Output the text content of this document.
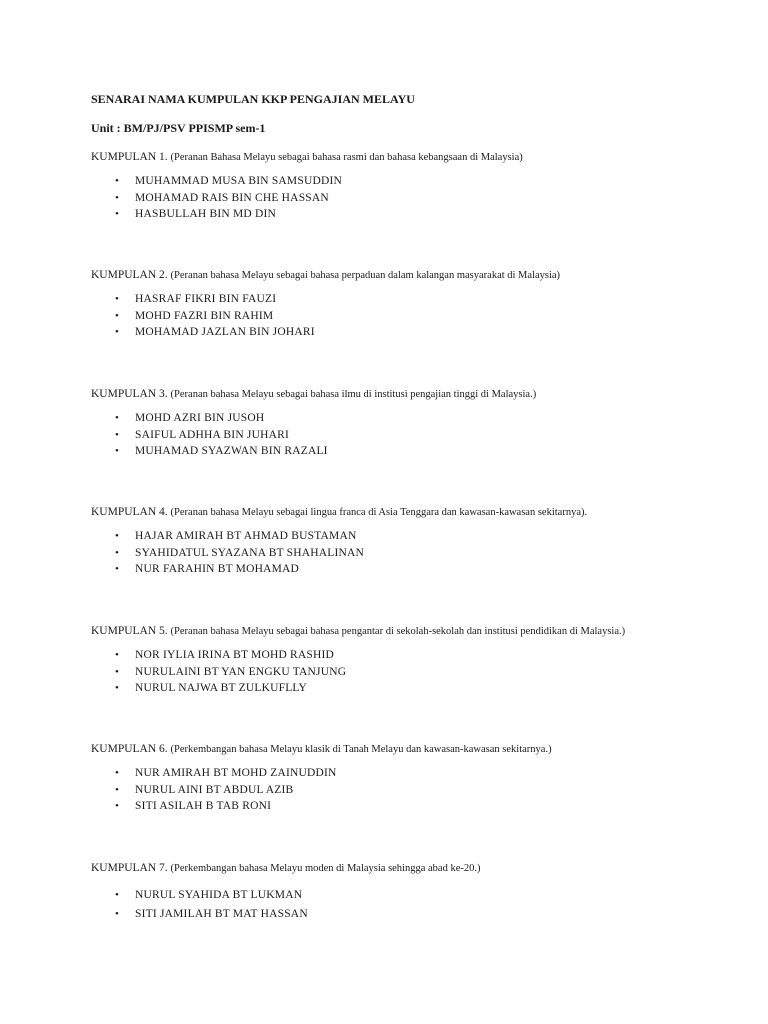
SENARAI NAMA KUMPULAN KKP PENGAJIAN MELAYU
Unit : BM/PJ/PSV PPISMP sem-1
KUMPULAN 1. (Peranan Bahasa Melayu sebagai bahasa rasmi dan bahasa kebangsaan di Malaysia)
• MUHAMMAD MUSA BIN SAMSUDDIN
• MOHAMAD RAIS BIN CHE HASSAN
• HASBULLAH BIN MD DIN
KUMPULAN 2. (Peranan bahasa Melayu sebagai bahasa perpaduan dalam kalangan masyarakat di Malaysia)
• HASRAF FIKRI BIN FAUZI
• MOHD FAZRI BIN RAHIM
• MOHAMAD JAZLAN BIN JOHARI
KUMPULAN 3. (Peranan bahasa Melayu sebagai bahasa ilmu di institusi pengajian tinggi di Malaysia.)
• MOHD AZRI BIN JUSOH
• SAIFUL ADHHA BIN JUHARI
• MUHAMAD SYAZWAN BIN RAZALI
KUMPULAN 4. (Peranan bahasa Melayu sebagai lingua franca di Asia Tenggara dan kawasan-kawasan sekitarnya).
• HAJAR AMIRAH BT AHMAD BUSTAMAN
• SYAHIDATUL SYAZANA BT SHAHALINAN
• NUR FARAHIN BT MOHAMAD
KUMPULAN 5. (Peranan bahasa Melayu sebagai bahasa pengantar di sekolah-sekolah dan institusi pendidikan di Malaysia.)
• NOR IYLIA IRINA BT MOHD RASHID
• NURULAINI BT YAN ENGKU TANJUNG
• NURUL NAJWA BT ZULKUFLLY
KUMPULAN 6. (Perkembangan bahasa Melayu klasik di Tanah Melayu dan kawasan-kawasan sekitarnya.)
• NUR AMIRAH BT MOHD ZAINUDDIN
• NURUL AINI BT ABDUL AZIB
• SITI ASILAH B TAB RONI
KUMPULAN 7. (Perkembangan bahasa Melayu moden di Malaysia sehingga abad ke-20.)
• NURUL SYAHIDA BT LUKMAN
• SITI JAMILAH BT MAT HASSAN
